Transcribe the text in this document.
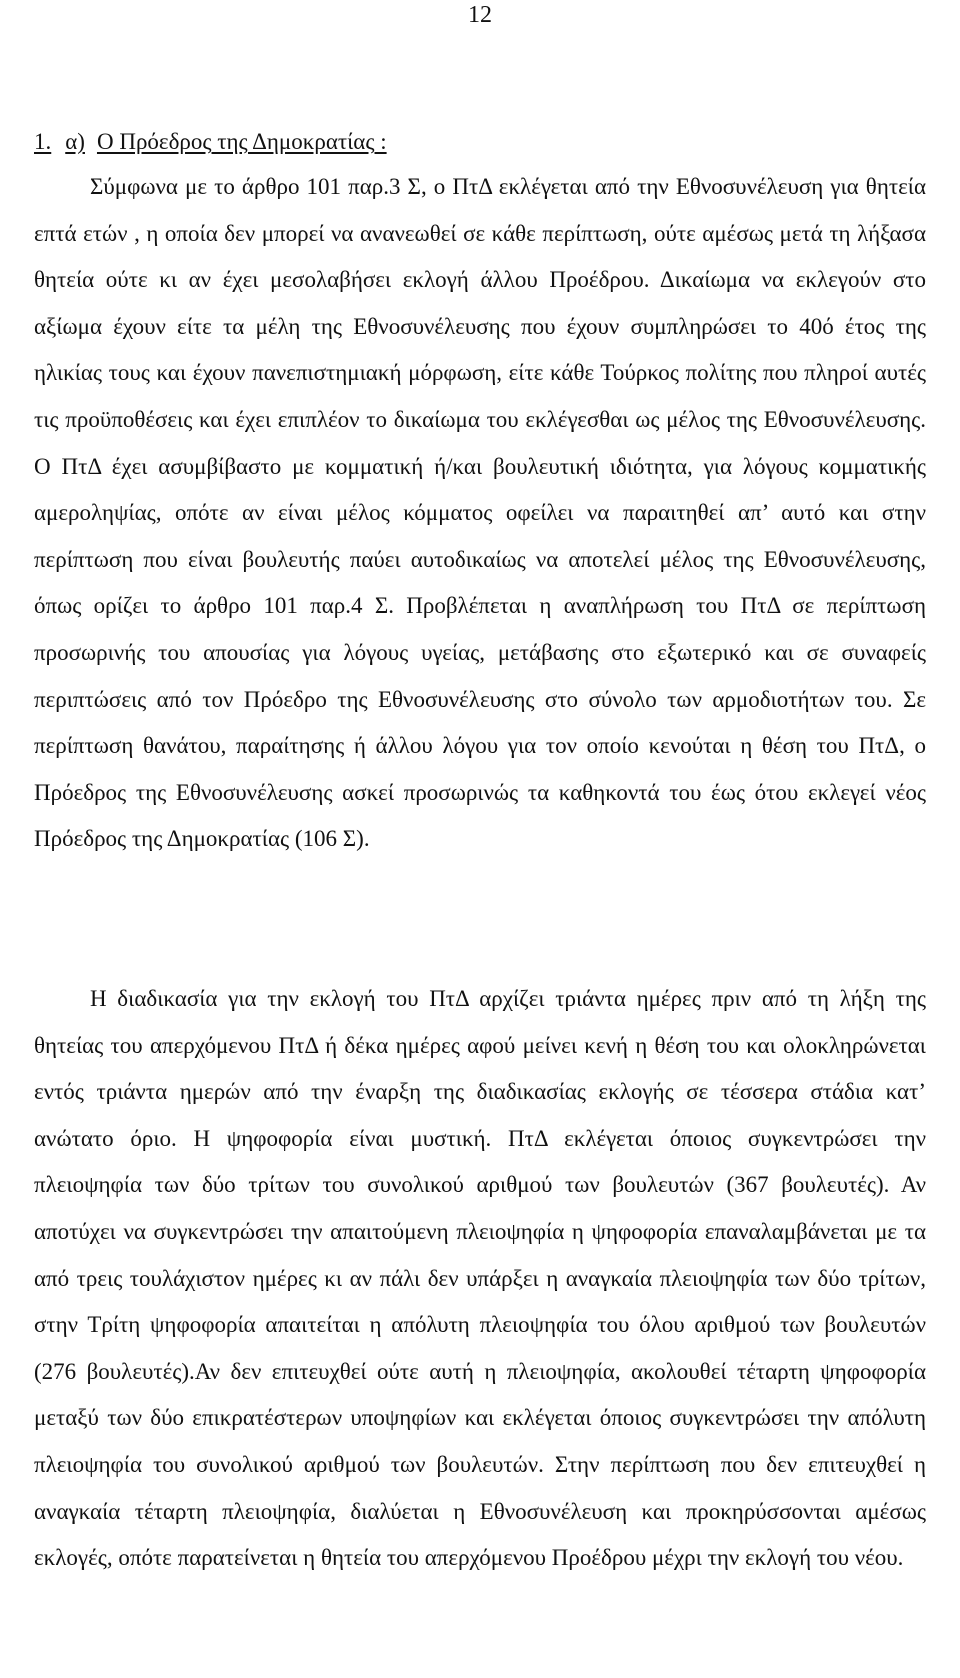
12
1. α) Ο Πρόεδρος της Δημοκρατίας :

Σύμφωνα με το άρθρο 101 παρ.3 Σ, ο ΠτΔ εκλέγεται από την Εθνοσυνέλευση για θητεία επτά ετών , η οποία δεν μπορεί να ανανεωθεί σε κάθε περίπτωση, ούτε αμέσως μετά τη λήξασα θητεία ούτε κι αν έχει μεσολαβήσει εκλογή άλλου Προέδρου. Δικαίωμα να εκλεγούν στο αξίωμα έχουν είτε τα μέλη της Εθνοσυνέλευσης που έχουν συμπληρώσει το 40ό έτος της ηλικίας τους και έχουν πανεπιστημιακή μόρφωση, είτε κάθε Τούρκος πολίτης που πληροί αυτές τις προϋποθέσεις και έχει επιπλέον το δικαίωμα του εκλέγεσθαι ως μέλος της Εθνοσυνέλευσης. Ο ΠτΔ έχει ασυμβίβαστο με κομματική ή/και βουλευτική ιδιότητα, για λόγους κομματικής αμεροληψίας, οπότε αν είναι μέλος κόμματος οφείλει να παραιτηθεί απ’ αυτό και στην περίπτωση που είναι βουλευτής παύει αυτοδικαίως να αποτελεί μέλος της Εθνοσυνέλευσης, όπως ορίζει το άρθρο 101 παρ.4 Σ. Προβλέπεται η αναπλήρωση του ΠτΔ σε περίπτωση προσωρινής του απουσίας για λόγους υγείας, μετάβασης στο εξωτερικό και σε συναφείς περιπτώσεις από τον Πρόεδρο της Εθνοσυνέλευσης στο σύνολο των αρμοδιοτήτων του. Σε περίπτωση θανάτου, παραίτησης ή άλλου λόγου για τον οποίο κενούται η θέση του ΠτΔ, ο Πρόεδρος της Εθνοσυνέλευσης ασκεί προσωρινώς τα καθηκοντά του έως ότου εκλεγεί νέος Πρόεδρος της Δημοκρατίας (106 Σ).

Η διαδικασία για την εκλογή του ΠτΔ αρχίζει τριάντα ημέρες πριν από τη λήξη της θητείας του απερχόμενου ΠτΔ ή δέκα ημέρες αφού μείνει κενή η θέση του και ολοκληρώνεται εντός τριάντα ημερών από την έναρξη της διαδικασίας εκλογής σε τέσσερα στάδια κατ’ ανώτατο όριο. Η ψηφοφορία είναι μυστική. ΠτΔ εκλέγεται όποιος συγκεντρώσει την πλειοψηφία των δύο τρίτων του συνολικού αριθμού των βουλευτών (367 βουλευτές). Αν αποτύχει να συγκεντρώσει την απαιτούμενη πλειοψηφία η ψηφοφορία επαναλαμβάνεται με τα από τρεις τουλάχιστον ημέρες κι αν πάλι δεν υπάρξει η αναγκαία πλειοψηφία των δύο τρίτων, στην Τρίτη ψηφοφορία απαιτείται η απόλυτη πλειοψηφία του όλου αριθμού των βουλευτών (276 βουλευτές).Αν δεν επιτευχθεί ούτε αυτή η πλειοψηφία, ακολουθεί τέταρτη ψηφοφορία μεταξύ των δύο επικρατέστερων υποψηφίων και εκλέγεται όποιος συγκεντρώσει την απόλυτη πλειοψηφία του συνολικού αριθμού των βουλευτών. Στην περίπτωση που δεν επιτευχθεί η αναγκαία τέταρτη πλειοψηφία, διαλύεται η Εθνοσυνέλευση και προκηρύσσονται αμέσως εκλογές, οπότε παρατείνεται η θητεία του απερχόμενου Προέδρου μέχρι την εκλογή του νέου.
